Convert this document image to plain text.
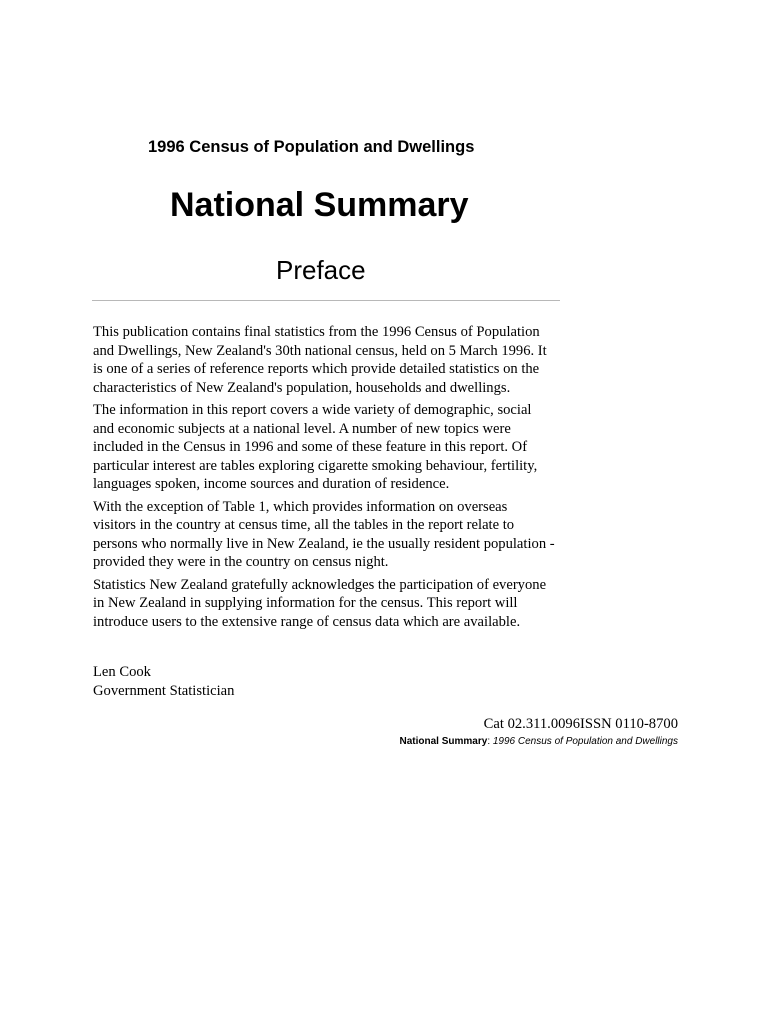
1996 Census of Population and Dwellings
National Summary
Preface

This publication contains final statistics from the 1996 Census of Population
and Dwellings, New Zealand's 30th national census, held on 5 March 1996. It
is one of a series of reference reports which provide detailed statistics on the
characteristics of New Zealand's population, households and dwellings.

The information in this report covers a wide variety of demographic, social
and economic subjects at a national level. A number of new topics were
included in the Census in 1996 and some of these feature in this report. Of
particular interest are tables exploring cigarette smoking behaviour, fertility,
languages spoken, income sources and duration of residence.

With the exception of Table 1, which provides information on overseas
visitors in the country at census time, all the tables in the report relate to
persons who normally live in New Zealand, ie the usually resident population -
provided they were in the country on census night.

Statistics New Zealand gratefully acknowledges the participation of everyone
in New Zealand in supplying information for the census. This report will
introduce users to the extensive range of census data which are available.

Len Cook
Government Statistician
Cat 02.311.0096ISSN 0110-8700
National Summary: 1996 Census of Population and Dwellings
